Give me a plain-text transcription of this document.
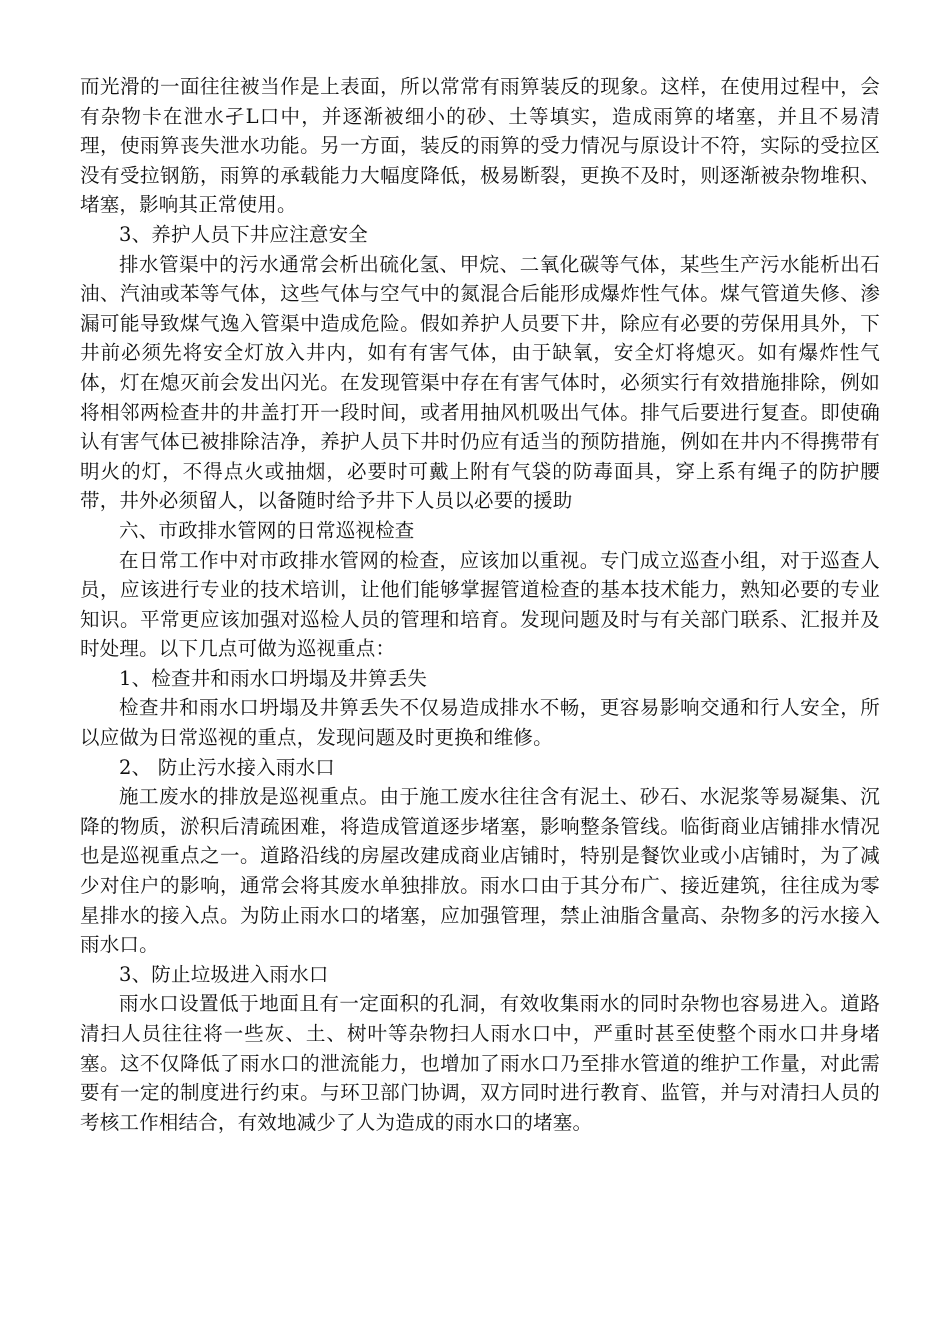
而光滑的一面往往被当作是上表面，所以常常有雨箅装反的现象。这样，在使用过程中，会有杂物卡在泄水孑L口中，并逐渐被细小的砂、土等填实，造成雨箅的堵塞，并且不易清理，使雨箅丧失泄水功能。另一方面，装反的雨箅的受力情况与原设计不符，实际的受拉区没有受拉钢筋，雨箅的承载能力大幅度降低，极易断裂，更换不及时，则逐渐被杂物堆积、堵塞，影响其正常使用。

3、养护人员下井应注意安全

排水管渠中的污水通常会析出硫化氢、甲烷、二氧化碳等气体，某些生产污水能析出石油、汽油或苯等气体，这些气体与空气中的氮混合后能形成爆炸性气体。煤气管道失修、渗漏可能导致煤气逸入管渠中造成危险。假如养护人员要下井，除应有必要的劳保用具外，下井前必须先将安全灯放入井内，如有有害气体，由于缺氧，安全灯将熄灭。如有爆炸性气体，灯在熄灭前会发出闪光。在发现管渠中存在有害气体时，必须实行有效措施排除，例如将相邻两检查井的井盖打开一段时间，或者用抽风机吸出气体。排气后要进行复查。即使确认有害气体已被排除洁净，养护人员下井时仍应有适当的预防措施，例如在井内不得携带有明火的灯，不得点火或抽烟，必要时可戴上附有气袋的防毒面具，穿上系有绳子的防护腰带，井外必须留人，以备随时给予井下人员以必要的援助

六、市政排水管网的日常巡视检查

在日常工作中对市政排水管网的检查，应该加以重视。专门成立巡查小组，对于巡查人员，应该进行专业的技术培训，让他们能够掌握管道检查的基本技术能力，熟知必要的专业知识。平常更应该加强对巡检人员的管理和培育。发现问题及时与有关部门联系、汇报并及时处理。以下几点可做为巡视重点：

1、检查井和雨水口坍塌及井箅丢失

检查井和雨水口坍塌及井箅丢失不仅易造成排水不畅，更容易影响交通和行人安全，所以应做为日常巡视的重点，发现问题及时更换和维修。

2、 防止污水接入雨水口

施工废水的排放是巡视重点。由于施工废水往往含有泥土、砂石、水泥浆等易凝集、沉降的物质，淤积后清疏困难，将造成管道逐步堵塞，影响整条管线。临街商业店铺排水情况也是巡视重点之一。道路沿线的房屋改建成商业店铺时，特别是餐饮业或小店铺时，为了减少对住户的影响，通常会将其废水单独排放。雨水口由于其分布广、接近建筑，往往成为零星排水的接入点。为防止雨水口的堵塞，应加强管理，禁止油脂含量高、杂物多的污水接入雨水口。

3、防止垃圾进入雨水口

雨水口设置低于地面且有一定面积的孔洞，有效收集雨水的同时杂物也容易进入。道路清扫人员往往将一些灰、土、树叶等杂物扫人雨水口中，严重时甚至使整个雨水口井身堵塞。这不仅降低了雨水口的泄流能力，也增加了雨水口乃至排水管道的维护工作量，对此需要有一定的制度进行约束。与环卫部门协调，双方同时进行教育、监管，并与对清扫人员的考核工作相结合，有效地减少了人为造成的雨水口的堵塞。
